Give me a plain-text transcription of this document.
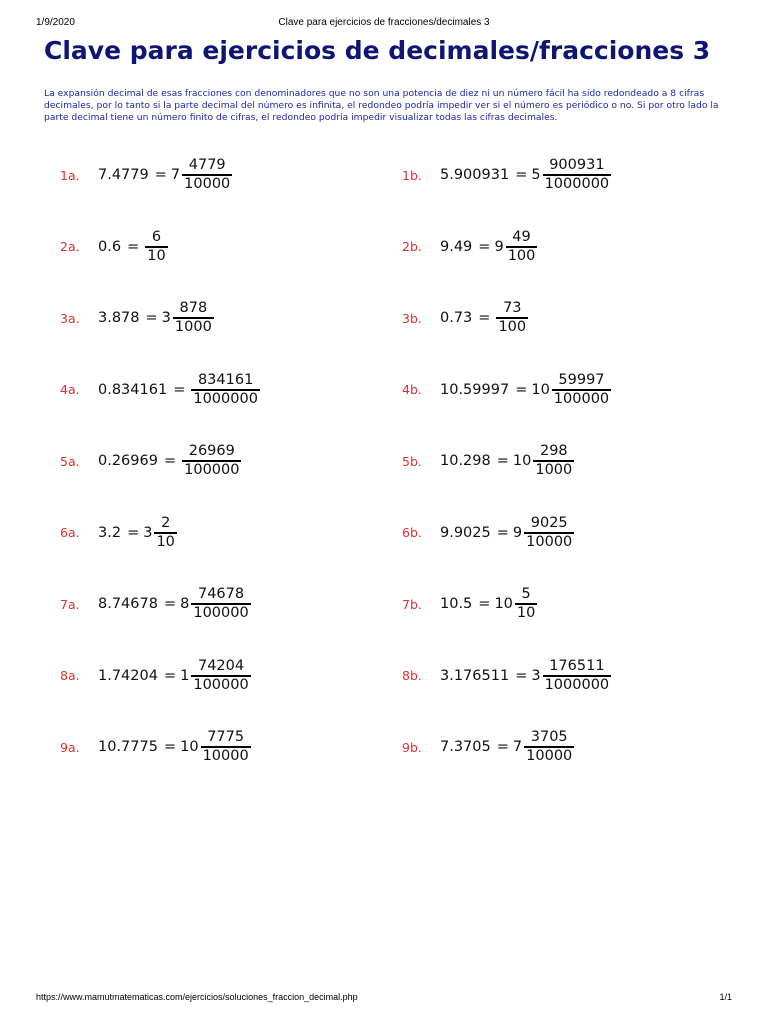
1/9/2020	Clave para ejercicios de fracciones/decimales 3
Clave para ejercicios de decimales/fracciones 3

La expansión decimal de esas fracciones con denominadores que no son una potencia de diez ni un número fácil ha sido redondeado a 8 cifras decimales, por lo tanto si la parte decimal del número es infinita, el redondeo podría impedir ver si el número es periódico o no. Si por otro lado la parte decimal tiene un número finito de cifras, el redondeo podría impedir visualizar todas las cifras decimales.

1a.	$7.4779 = 7 \frac{4779}{10000}$	1b.	$5.900931 = 5 \frac{900931}{1000000}$
2a.	$0.6 = \frac{6}{10}$	2b.	$9.49 = 9 \frac{49}{100}$
3a.	$3.878 = 3 \frac{878}{1000}$	3b.	$0.73 = \frac{73}{100}$
4a.	$0.834161 = \frac{834161}{1000000}$	4b.	$10.59997 = 10 \frac{59997}{100000}$
5a.	$0.26969 = \frac{26969}{100000}$	5b.	$10.298 = 10 \frac{298}{1000}$
6a.	$3.2 = 3 \frac{2}{10}$	6b.	$9.9025 = 9 \frac{9025}{10000}$
7a.	$8.74678 = 8 \frac{74678}{100000}$	7b.	$10.5 = 10 \frac{5}{10}$
8a.	$1.74204 = 1 \frac{74204}{100000}$	8b.	$3.176511 = 3 \frac{176511}{1000000}$
9a.	$10.7775 = 10 \frac{7775}{10000}$	9b.	$7.3705 = 7 \frac{3705}{10000}$
https://www.mamutmatematicas.com/ejercicios/soluciones_fraccion_decimal.php	1/1
